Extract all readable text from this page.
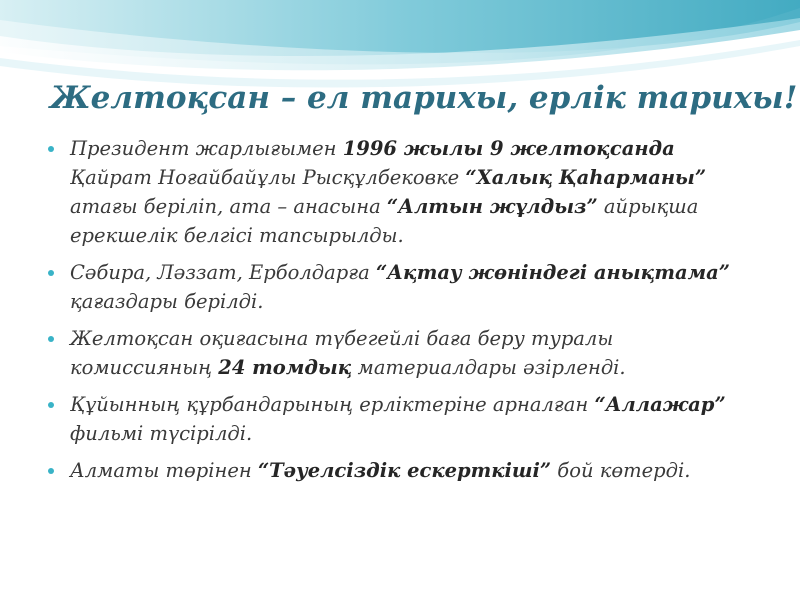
Желтоқсан – ел тарихы, ерлік тарихы!
Президент жарлығымен 1996 жылы 9 желтоқсанда Қайрат Ноғайбайұлы Рысқұлбековке “Халық Қаһарманы” атағы беріліп, ата – анасына “Алтын жұлдыз” айрықша ерекшелік белгісі тапсырылды.
Сәбира, Ләззат, Ерболдарға “Ақтау жөніндегі анықтама” қағаздары берілді.
Желтоқсан оқиғасына түбегейлі баға беру туралы комиссияның 24 томдық материалдары әзірленді.
Құйынның құрбандарының ерліктеріне арналған “Аллажар” фильмі түсірілді.
Алматы төрінен “Тәуелсіздік ескерткіші” бой көтерді.
